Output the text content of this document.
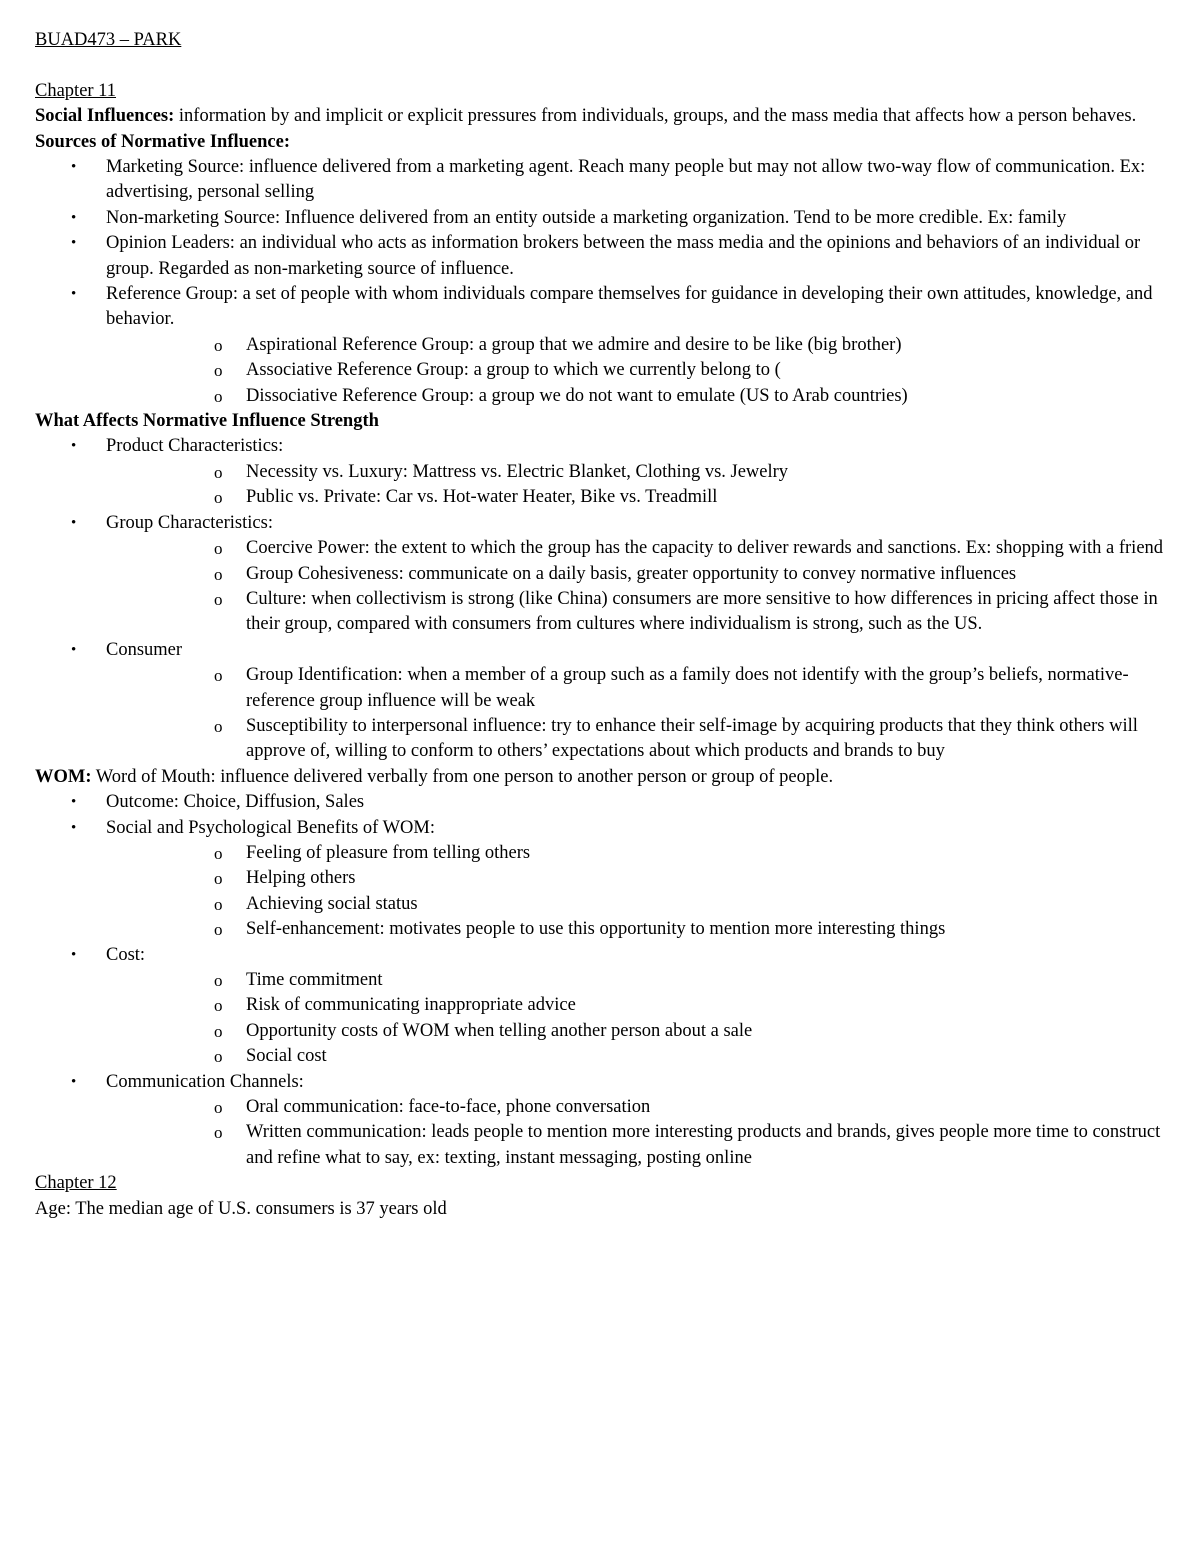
BUAD473 – PARK

Chapter 11

Social Influences: information by and implicit or explicit pressures from individuals, groups, and the mass media that affects how a person behaves.

Sources of Normative Influence:

• Marketing Source: influence delivered from a marketing agent. Reach many people but may not allow two-way flow of communication. Ex: advertising, personal selling
• Non-marketing Source: Influence delivered from an entity outside a marketing organization. Tend to be more credible. Ex: family
• Opinion Leaders: an individual who acts as information brokers between the mass media and the opinions and behaviors of an individual or group. Regarded as non-marketing source of influence.
• Reference Group: a set of people with whom individuals compare themselves for guidance in developing their own attitudes, knowledge, and behavior.
o Aspirational Reference Group: a group that we admire and desire to be like (big brother)
o Associative Reference Group: a group to which we currently belong to (
o Dissociative Reference Group: a group we do not want to emulate (US to Arab countries)

What Affects Normative Influence Strength

• Product Characteristics:
o Necessity vs. Luxury: Mattress vs. Electric Blanket, Clothing vs. Jewelry
o Public vs. Private: Car vs. Hot-water Heater, Bike vs. Treadmill
• Group Characteristics:
o Coercive Power: the extent to which the group has the capacity to deliver rewards and sanctions. Ex: shopping with a friend
o Group Cohesiveness: communicate on a daily basis, greater opportunity to convey normative influences
o Culture: when collectivism is strong (like China) consumers are more sensitive to how differences in pricing affect those in their group, compared with consumers from cultures where individualism is strong, such as the US.
• Consumer
o Group Identification: when a member of a group such as a family does not identify with the group’s beliefs, normative-reference group influence will be weak
o Susceptibility to interpersonal influence: try to enhance their self-image by acquiring products that they think others will approve of, willing to conform to others’ expectations about which products and brands to buy

WOM: Word of Mouth: influence delivered verbally from one person to another person or group of people.

• Outcome: Choice, Diffusion, Sales
• Social and Psychological Benefits of WOM:
o Feeling of pleasure from telling others
o Helping others
o Achieving social status
o Self-enhancement: motivates people to use this opportunity to mention more interesting things
• Cost:
o Time commitment
o Risk of communicating inappropriate advice
o Opportunity costs of WOM when telling another person about a sale
o Social cost
• Communication Channels:
o Oral communication: face-to-face, phone conversation
o Written communication: leads people to mention more interesting products and brands, gives people more time to construct and refine what to say, ex: texting, instant messaging, posting online

Chapter 12

Age: The median age of U.S. consumers is 37 years old
